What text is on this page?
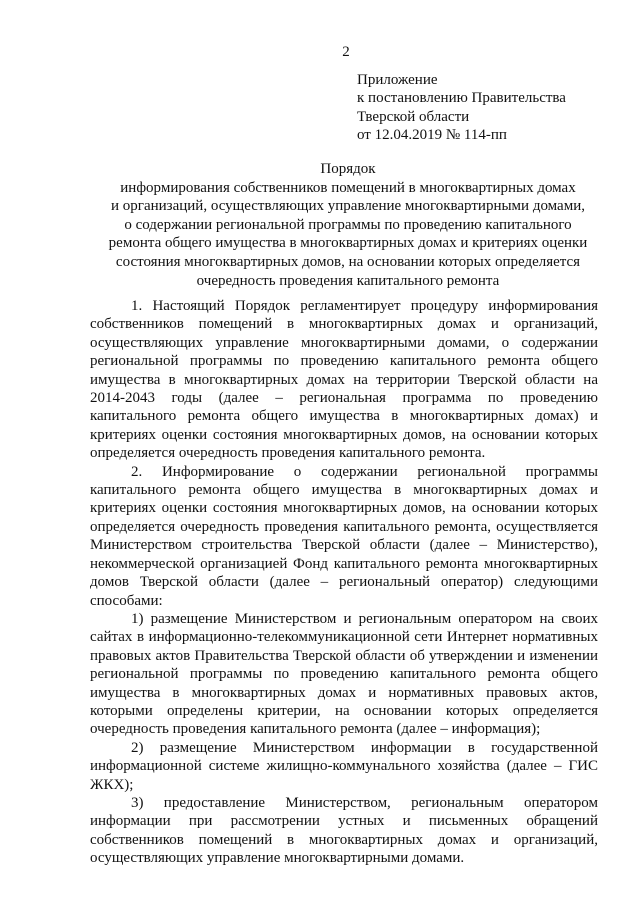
2
Приложение
к постановлению Правительства
Тверской области
от 12.04.2019 № 114-пп
Порядок
информирования собственников помещений в многоквартирных домах
и организаций, осуществляющих управление многоквартирными домами,
о содержании региональной программы по проведению капитального
ремонта общего имущества в многоквартирных домах и критериях оценки
состояния многоквартирных домов, на основании которых определяется
очередность проведения капитального ремонта

1. Настоящий Порядок регламентирует процедуру информирования собственников помещений в многоквартирных домах и организаций, осуществляющих управление многоквартирными домами, о содержании региональной программы по проведению капитального ремонта общего имущества в многоквартирных домах на территории Тверской области на 2014-2043 годы (далее – региональная программа по проведению капитального ремонта общего имущества в многоквартирных домах) и критериях оценки состояния многоквартирных домов, на основании которых определяется очередность проведения капитального ремонта.

2. Информирование о содержании региональной программы капитального ремонта общего имущества в многоквартирных домах и критериях оценки состояния многоквартирных домов, на основании которых определяется очередность проведения капитального ремонта, осуществляется Министерством строительства Тверской области (далее – Министерство), некоммерческой организацией Фонд капитального ремонта многоквартирных домов Тверской области (далее – региональный оператор) следующими способами:

1) размещение Министерством и региональным оператором на своих сайтах в информационно-телекоммуникационной сети Интернет нормативных правовых актов Правительства Тверской области об утверждении и изменении региональной программы по проведению капитального ремонта общего имущества в многоквартирных домах и нормативных правовых актов, которыми определены критерии, на основании которых определяется очередность проведения капитального ремонта (далее – информация);

2) размещение Министерством информации в государственной информационной системе жилищно-коммунального хозяйства (далее – ГИС ЖКХ);

3) предоставление Министерством, региональным оператором информации при рассмотрении устных и письменных обращений собственников помещений в многоквартирных домах и организаций, осуществляющих управление многоквартирными домами.
